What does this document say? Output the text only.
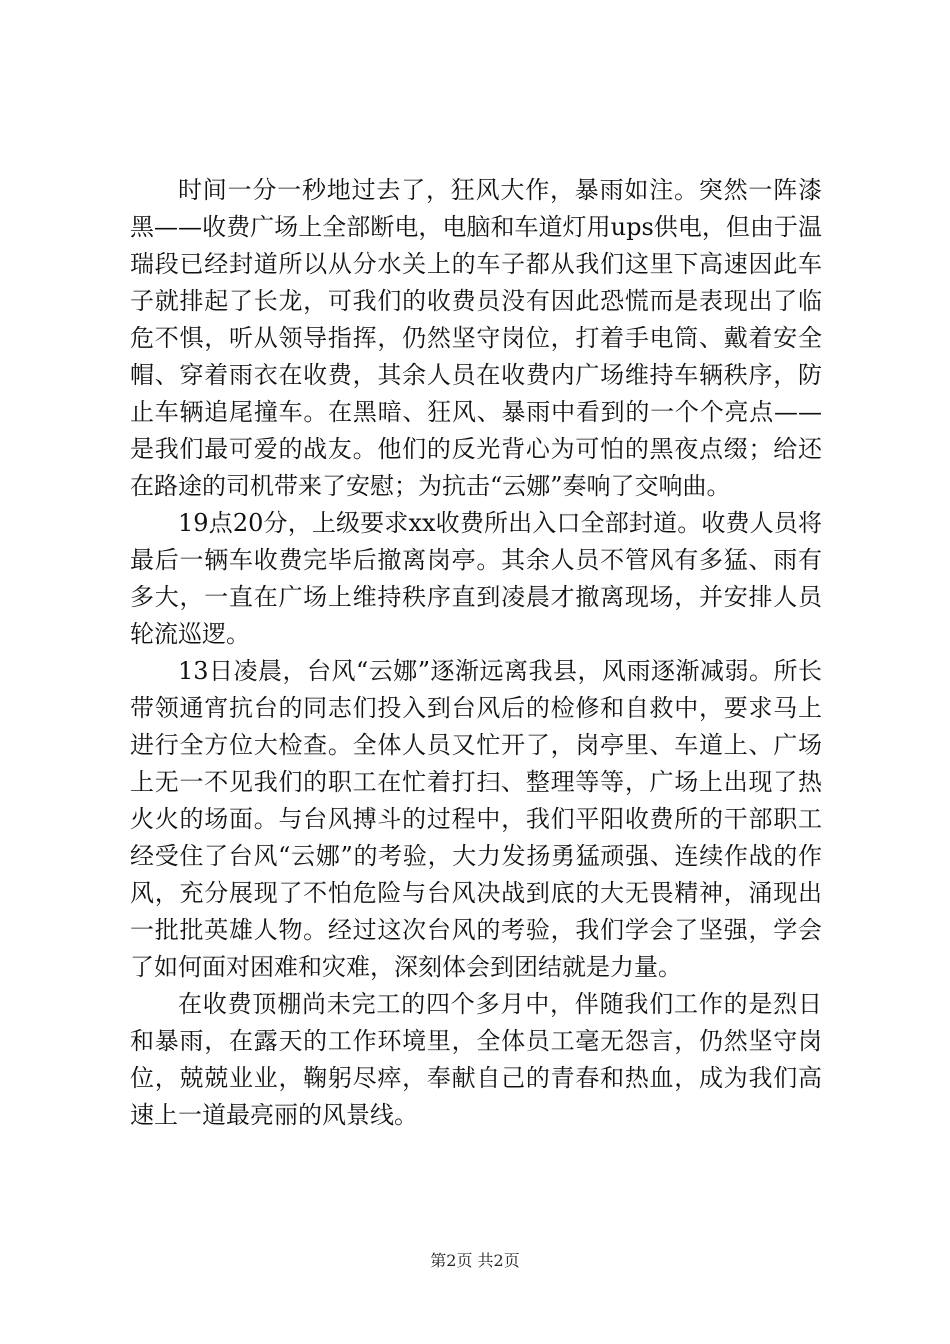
时间一分一秒地过去了，狂风大作，暴雨如注。突然一阵漆黑——收费广场上全部断电，电脑和车道灯用ups供电，但由于温瑞段已经封道所以从分水关上的车子都从我们这里下高速因此车子就排起了长龙，可我们的收费员没有因此恐慌而是表现出了临危不惧，听从领导指挥，仍然坚守岗位，打着手电筒、戴着安全帽、穿着雨衣在收费，其余人员在收费内广场维持车辆秩序，防止车辆追尾撞车。在黑暗、狂风、暴雨中看到的一个个亮点——是我们最可爱的战友。他们的反光背心为可怕的黑夜点缀；给还在路途的司机带来了安慰；为抗击“云娜”奏响了交响曲。

19点20分，上级要求xx收费所出入口全部封道。收费人员将最后一辆车收费完毕后撤离岗亭。其余人员不管风有多猛、雨有多大，一直在广场上维持秩序直到凌晨才撤离现场，并安排人员轮流巡逻。

13日凌晨，台风“云娜”逐渐远离我县，风雨逐渐减弱。所长带领通宵抗台的同志们投入到台风后的检修和自救中，要求马上进行全方位大检查。全体人员又忙开了，岗亭里、车道上、广场上无一不见我们的职工在忙着打扫、整理等等，广场上出现了热火火的场面。与台风搏斗的过程中，我们平阳收费所的干部职工经受住了台风“云娜”的考验，大力发扬勇猛顽强、连续作战的作风，充分展现了不怕危险与台风决战到底的大无畏精神，涌现出一批批英雄人物。经过这次台风的考验，我们学会了坚强，学会了如何面对困难和灾难，深刻体会到团结就是力量。

在收费顶棚尚未完工的四个多月中，伴随我们工作的是烈日和暴雨，在露天的工作环境里，全体员工毫无怨言，仍然坚守岗位，兢兢业业，鞠躬尽瘁，奉献自己的青春和热血，成为我们高速上一道最亮丽的风景线。

第2页 共2页
